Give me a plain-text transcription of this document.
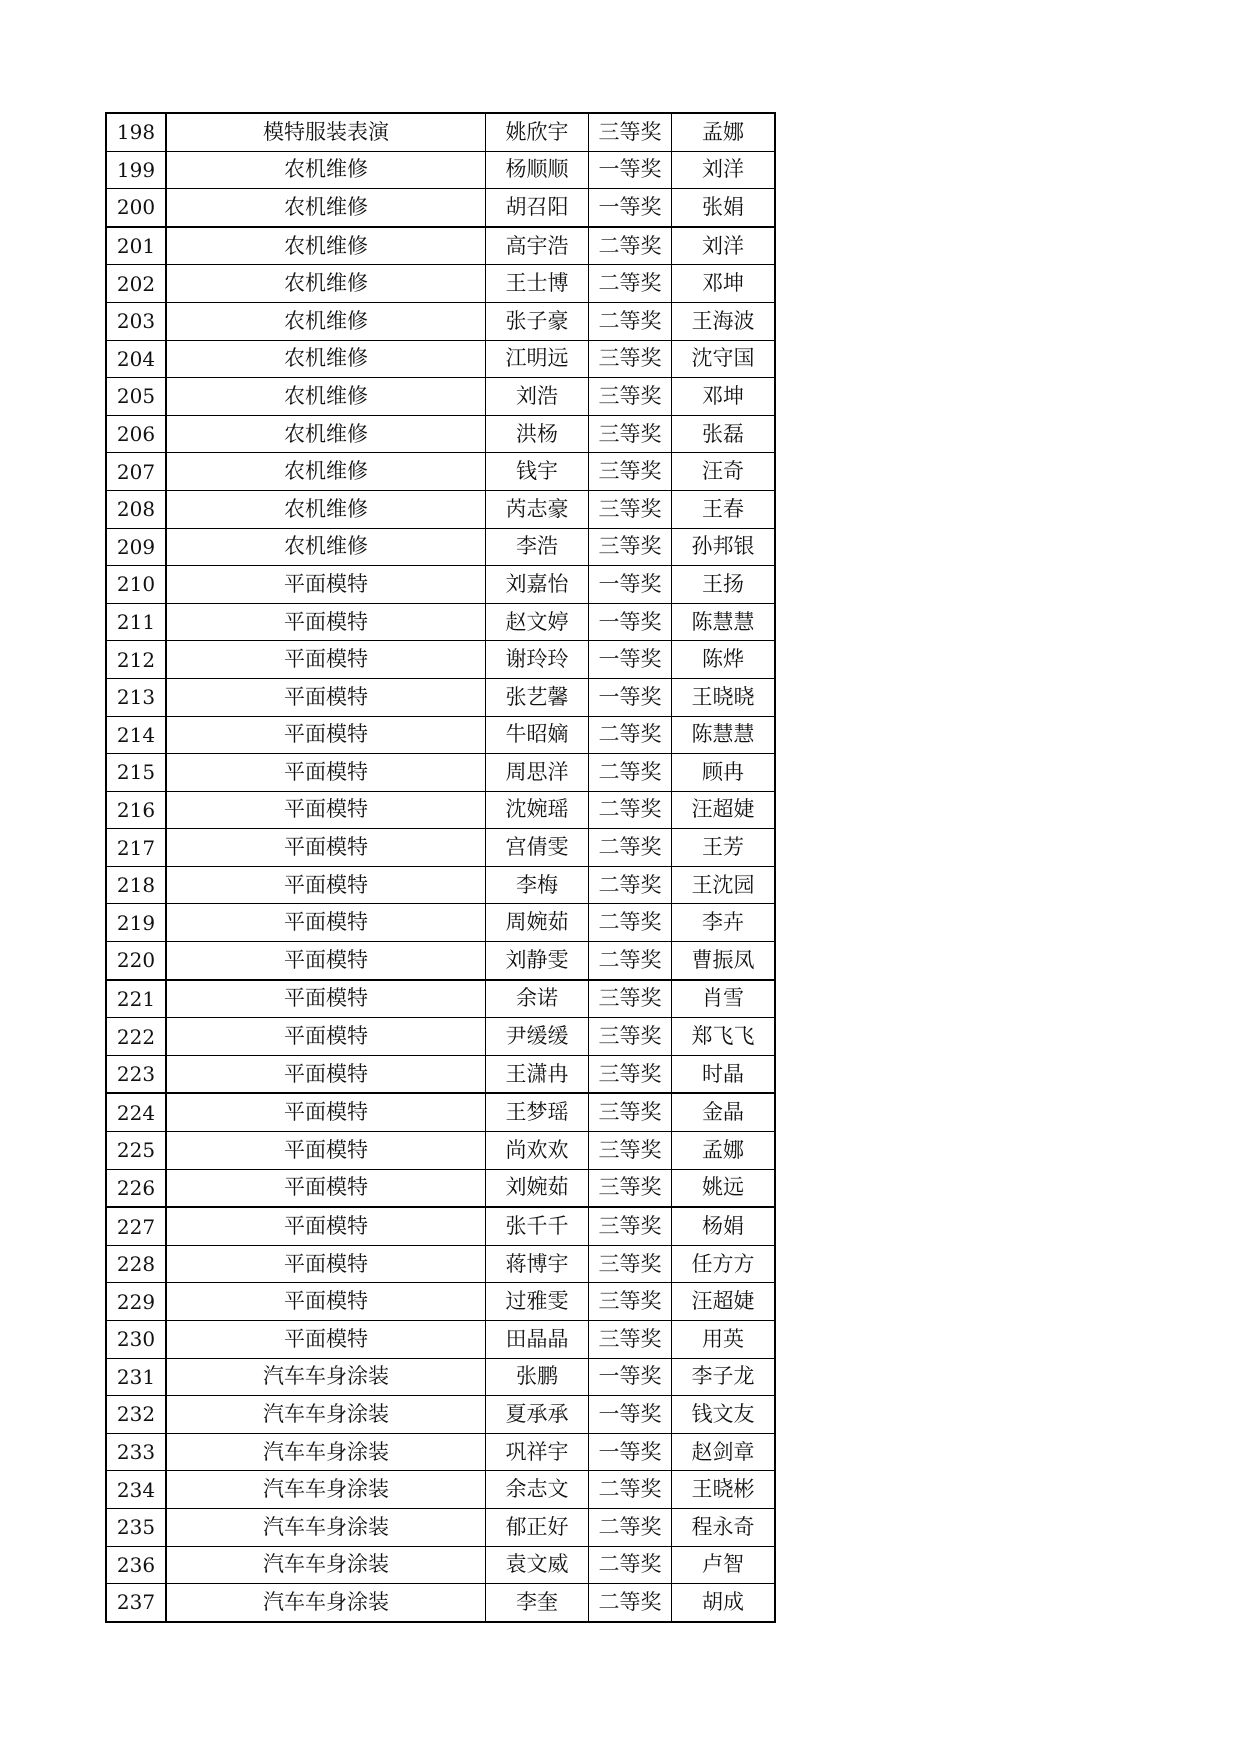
198	模特服装表演	姚欣宇	三等奖	孟娜
199	农机维修	杨顺顺	一等奖	刘洋
200	农机维修	胡召阳	一等奖	张娟
201	农机维修	高宇浩	二等奖	刘洋
202	农机维修	王士博	二等奖	邓坤
203	农机维修	张子豪	二等奖	王海波
204	农机维修	江明远	三等奖	沈守国
205	农机维修	刘浩	三等奖	邓坤
206	农机维修	洪杨	三等奖	张磊
207	农机维修	钱宇	三等奖	汪奇
208	农机维修	芮志豪	三等奖	王春
209	农机维修	李浩	三等奖	孙邦银
210	平面模特	刘嘉怡	一等奖	王扬
211	平面模特	赵文婷	一等奖	陈慧慧
212	平面模特	谢玲玲	一等奖	陈烨
213	平面模特	张艺馨	一等奖	王晓晓
214	平面模特	牛昭嫡	二等奖	陈慧慧
215	平面模特	周思洋	二等奖	顾冉
216	平面模特	沈婉瑶	二等奖	汪超婕
217	平面模特	宫倩雯	二等奖	王芳
218	平面模特	李梅	二等奖	王沈园
219	平面模特	周婉茹	二等奖	李卉
220	平面模特	刘静雯	二等奖	曹振凤
221	平面模特	余诺	三等奖	肖雪
222	平面模特	尹缓缓	三等奖	郑飞飞
223	平面模特	王潇冉	三等奖	时晶
224	平面模特	王梦瑶	三等奖	金晶
225	平面模特	尚欢欢	三等奖	孟娜
226	平面模特	刘婉茹	三等奖	姚远
227	平面模特	张千千	三等奖	杨娟
228	平面模特	蒋博宇	三等奖	任方方
229	平面模特	过雅雯	三等奖	汪超婕
230	平面模特	田晶晶	三等奖	用英
231	汽车车身涂装	张鹏	一等奖	李子龙
232	汽车车身涂装	夏承承	一等奖	钱文友
233	汽车车身涂装	巩祥宇	一等奖	赵剑章
234	汽车车身涂装	余志文	二等奖	王晓彬
235	汽车车身涂装	郁正好	二等奖	程永奇
236	汽车车身涂装	袁文威	二等奖	卢智
237	汽车车身涂装	李奎	二等奖	胡成
